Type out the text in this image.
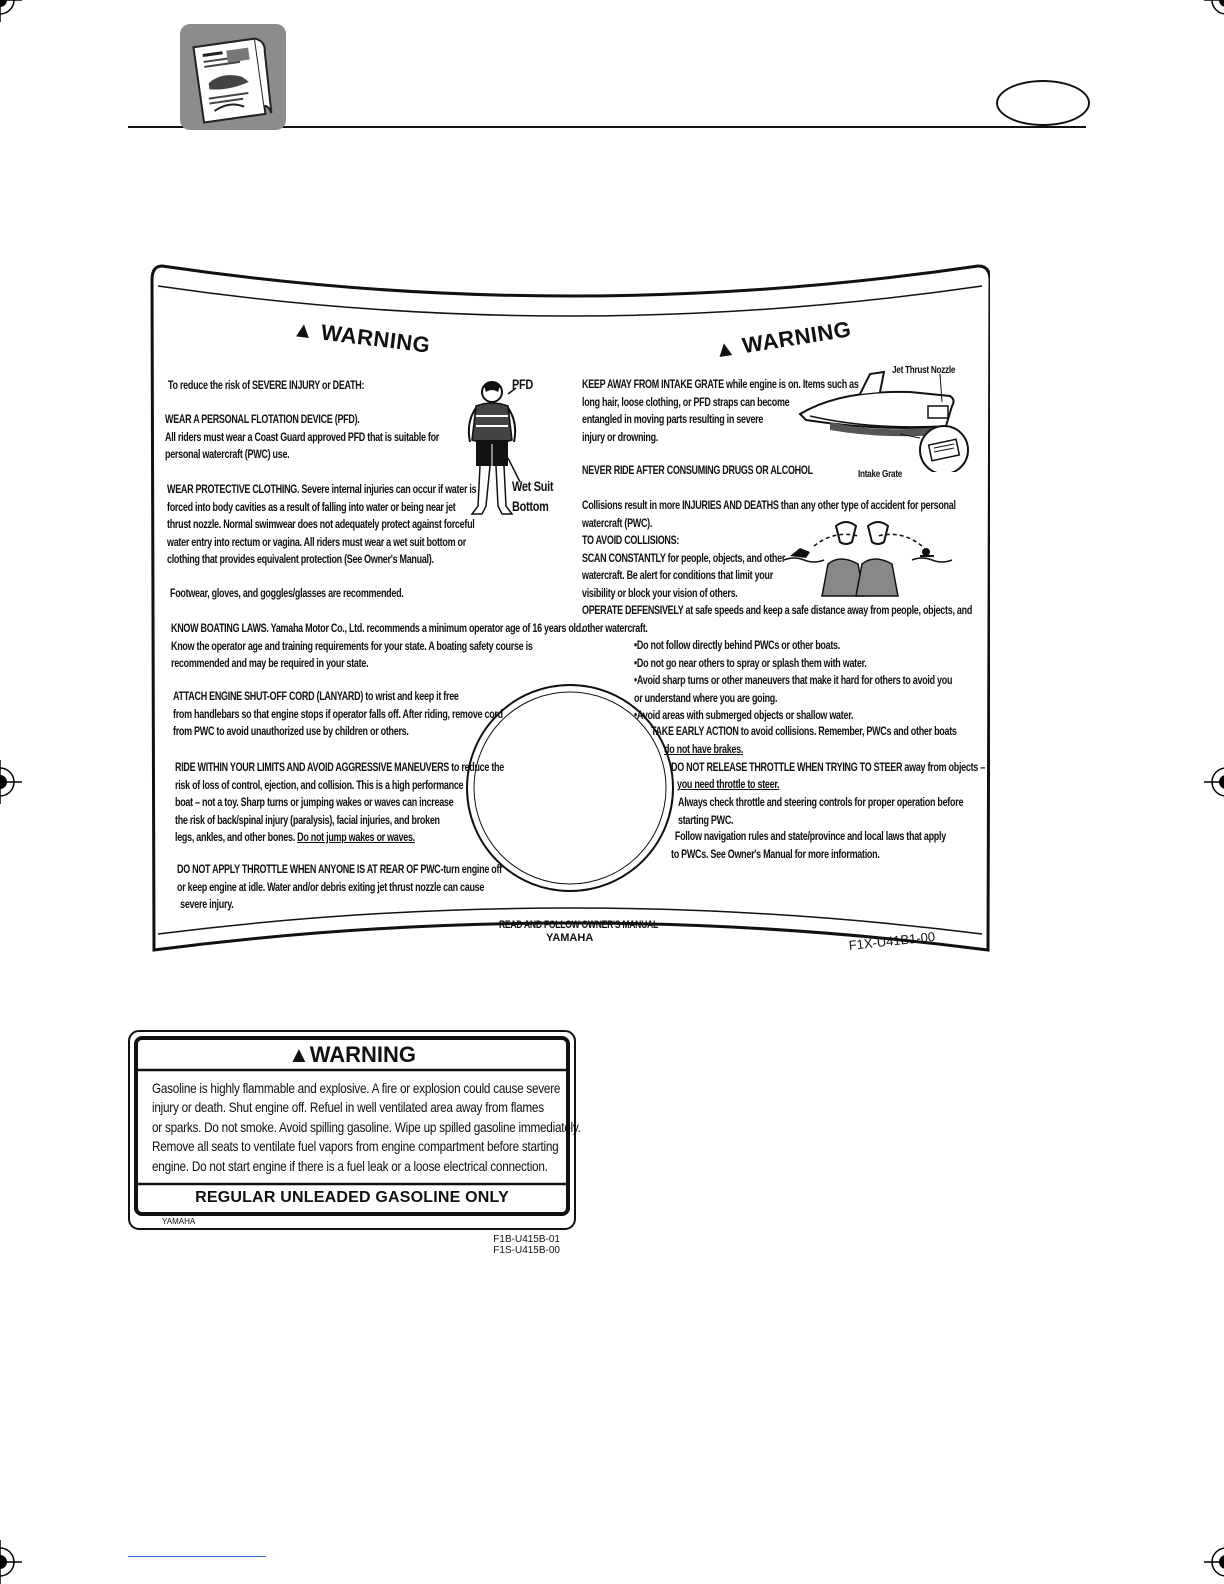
▲ WARNING	▲ WARNING
To reduce the risk of SEVERE INJURY or DEATH:
WEAR A PERSONAL FLOTATION DEVICE (PFD).
All riders must wear a Coast Guard approved PFD that is suitable for
personal watercraft (PWC) use.
WEAR PROTECTIVE CLOTHING. Severe internal injuries can occur if water is
forced into body cavities as a result of falling into water or being near jet
thrust nozzle. Normal swimwear does not adequately protect against forceful
water entry into rectum or vagina. All riders must wear a wet suit bottom or
clothing that provides equivalent protection (See Owner's Manual).
Footwear, gloves, and goggles/glasses are recommended.
KNOW BOATING LAWS. Yamaha Motor Co., Ltd. recommends a minimum operator age of 16 years old.
Know the operator age and training requirements for your state. A boating safety course is
recommended and may be required in your state.
ATTACH ENGINE SHUT-OFF CORD (LANYARD) to wrist and keep it free
from handlebars so that engine stops if operator falls off. After riding, remove cord
from PWC to avoid unauthorized use by children or others.
RIDE WITHIN YOUR LIMITS AND AVOID AGGRESSIVE MANEUVERS to reduce the
risk of loss of control, ejection, and collision. This is a high performance
boat – not a toy. Sharp turns or jumping wakes or waves can increase
the risk of back/spinal injury (paralysis), facial injuries, and broken
legs, ankles, and other bones. Do not jump wakes or waves.
DO NOT APPLY THROTTLE WHEN ANYONE IS AT REAR OF PWC-turn engine off
or keep engine at idle. Water and/or debris exiting jet thrust nozzle can cause
severe injury.
PFD
Wet Suit
Bottom
KEEP AWAY FROM INTAKE GRATE while engine is on. Items such as
long hair, loose clothing, or PFD straps can become
entangled in moving parts resulting in severe
injury or drowning.
NEVER RIDE AFTER CONSUMING DRUGS OR ALCOHOL
Jet Thrust Nozzle
Intake Grate
Collisions result in more INJURIES AND DEATHS than any other type of accident for personal
watercraft (PWC).
TO AVOID COLLISIONS:
SCAN CONSTANTLY for people, objects, and other
watercraft. Be alert for conditions that limit your
visibility or block your vision of others.
OPERATE DEFENSIVELY at safe speeds and keep a safe distance away from people, objects, and
other watercraft.
•Do not follow directly behind PWCs or other boats.
•Do not go near others to spray or splash them with water.
•Avoid sharp turns or other maneuvers that make it hard for others to avoid you
or understand where you are going.
•Avoid areas with submerged objects or shallow water.
TAKE EARLY ACTION to avoid collisions. Remember, PWCs and other boats
do not have brakes.
DO NOT RELEASE THROTTLE WHEN TRYING TO STEER away from objects –
you need throttle to steer.
Always check throttle and steering controls for proper operation before
starting PWC.
Follow navigation rules and state/province and local laws that apply
to PWCs. See Owner's Manual for more information.
READ AND FOLLOW OWNER'S MANUAL
YAMAHA	F1X-U41B1-00
▲WARNING
Gasoline is highly flammable and explosive. A fire or explosion could cause severe
injury or death. Shut engine off. Refuel in well ventilated area away from flames
or sparks. Do not smoke. Avoid spilling gasoline. Wipe up spilled gasoline immediately.
Remove all seats to ventilate fuel vapors from engine compartment before starting
engine. Do not start engine if there is a fuel leak or a loose electrical connection.
REGULAR UNLEADED GASOLINE ONLY
YAMAHA
F1B-U415B-01
F1S-U415B-00
